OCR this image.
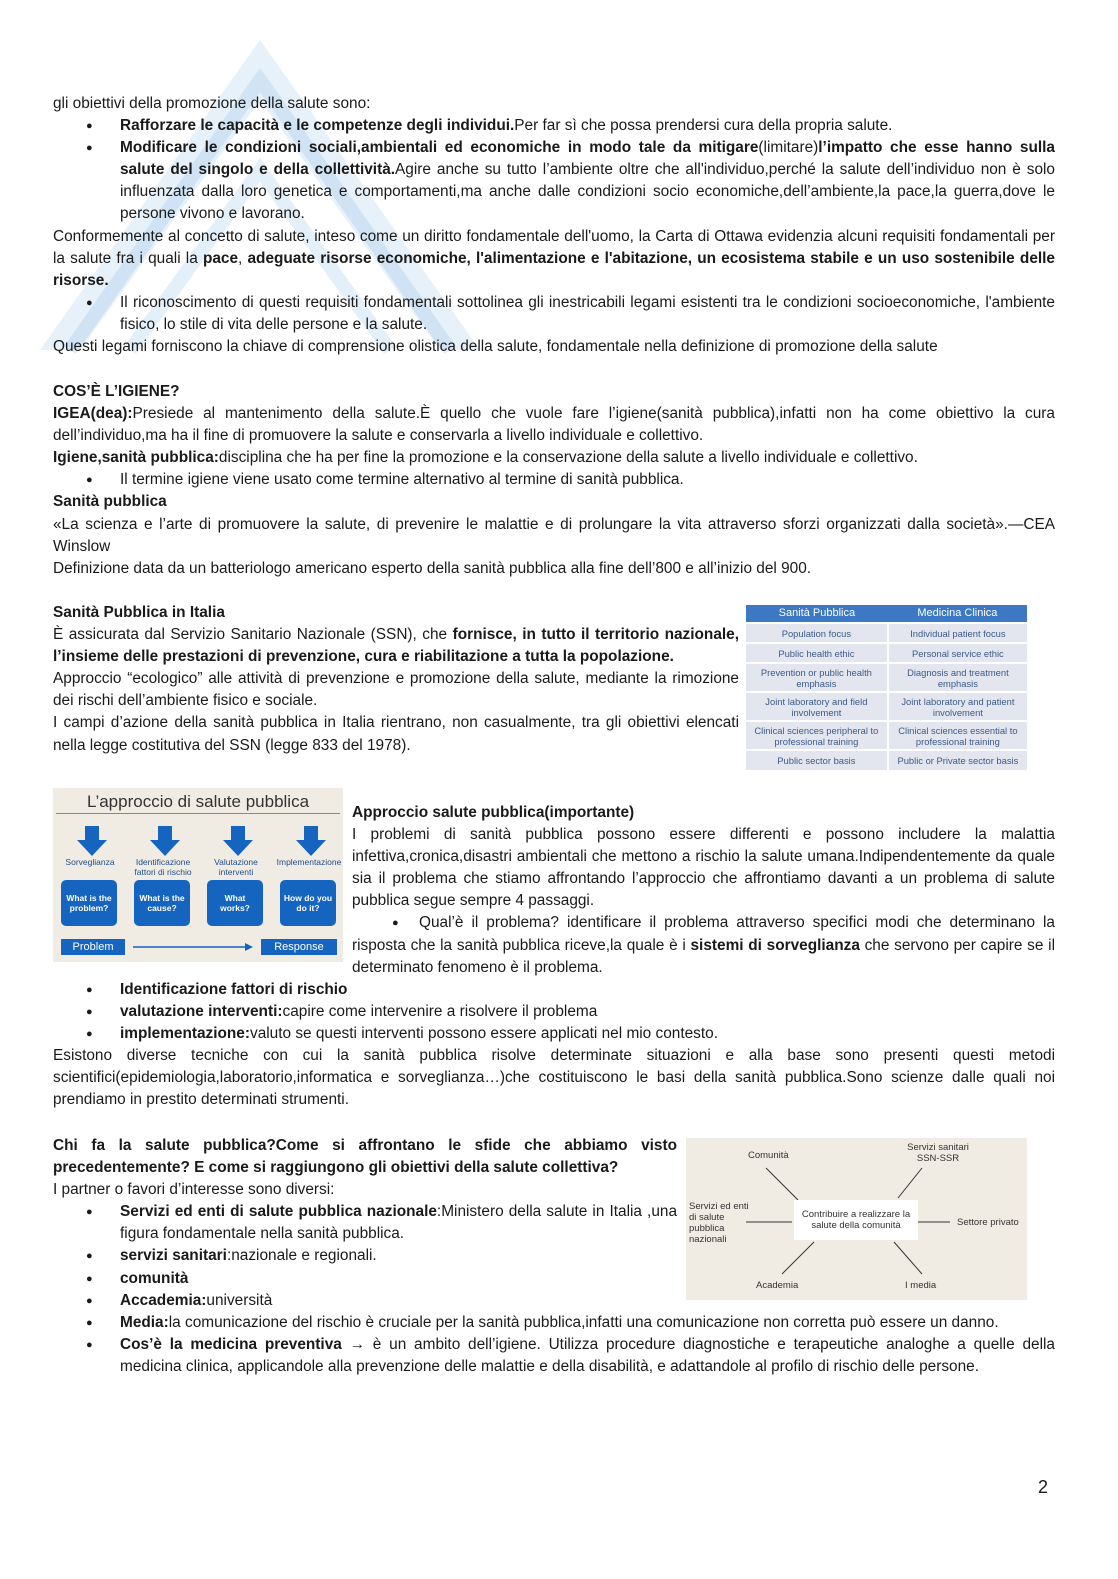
gli obiettivi della promozione della salute sono:

● Rafforzare le capacità e le competenze degli individui.Per far sì che possa prendersi cura della propria salute.
● Modificare le condizioni sociali,ambientali ed economiche in modo tale da mitigare(limitare)l’impatto che esse hanno sulla salute del singolo e della collettività.Agire anche su tutto l’ambiente oltre che all'individuo,perché la salute dell’individuo non è solo influenzata dalla loro genetica e comportamenti,ma anche dalle condizioni socio economiche,dell’ambiente,la pace,la guerra,dove le persone vivono e lavorano.

Conformemente al concetto di salute, inteso come un diritto fondamentale dell'uomo, la Carta di Ottawa evidenzia alcuni requisiti fondamentali per la salute fra i quali la pace, adeguate risorse economiche, l'alimentazione e l'abitazione, un ecosistema stabile e un uso sostenibile delle risorse.

● Il riconoscimento di questi requisiti fondamentali sottolinea gli inestricabili legami esistenti tra le condizioni socioeconomiche, l'ambiente fisico, lo stile di vita delle persone e la salute.

Questi legami forniscono la chiave di comprensione olistica della salute, fondamentale nella definizione di promozione della salute

COS’È L’IGIENE?

IGEA(dea):Presiede al mantenimento della salute.È quello che vuole fare l’igiene(sanità pubblica),infatti non ha come obiettivo la cura dell’individuo,ma ha il fine di promuovere la salute e conservarla a livello individuale e collettivo.

Igiene,sanità pubblica:disciplina che ha per fine la promozione e la conservazione della salute a livello individuale e collettivo.

● Il termine igiene viene usato come termine alternativo al termine di sanità pubblica.

Sanità pubblica

«La scienza e l’arte di promuovere la salute, di prevenire le malattie e di prolungare la vita attraverso sforzi organizzati dalla società».—CEA Winslow

Definizione data da un batteriologo americano esperto della sanità pubblica alla fine dell’800 e all’inizio del 900.

Sanità Pubblica in Italia

È assicurata dal Servizio Sanitario Nazionale (SSN), che fornisce, in tutto il territorio nazionale, l’insieme delle prestazioni di prevenzione, cura e riabilitazione a tutta la popolazione.

Approccio “ecologico” alle attività di prevenzione e promozione della salute, mediante la rimozione dei rischi dell’ambiente fisico e sociale.

I campi d’azione della sanità pubblica in Italia rientrano, non casualmente, tra gli obiettivi elencati nella legge costitutiva del SSN (legge 833 del 1978).

Sanità Pubblica	Medicina Clinica
Population focus	Individual patient focus
Public health ethic	Personal service ethic
Prevention or public health emphasis	Diagnosis and treatment emphasis
Joint laboratory and field involvement	Joint laboratory and patient involvement
Clinical sciences peripheral to professional training	Clinical sciences essential to professional training
Public sector basis	Public or Private sector basis
L’approccio di salute pubblica
Sorveglianza
What is the problem?
Identificazione fattori di rischio
What is the cause?
Valutazione interventi
What works?
Implementazione
How do you do it?
Problem	Response

Approccio salute pubblica(importante)

I problemi di sanità pubblica possono essere differenti e possono includere la malattia infettiva,cronica,disastri ambientali che mettono a rischio la salute umana.Indipendentemente da quale sia il problema che stiamo affrontando l’approccio che affrontiamo davanti a un problema di salute pubblica segue sempre 4 passaggi.

● Qual’è il problema? identificare il problema attraverso specifici modi che determinano la risposta che la sanità pubblica riceve,la quale è i sistemi di sorveglianza che servono per capire se il determinato fenomeno è il problema.

● Identificazione fattori di rischio
● valutazione interventi:capire come intervenire a risolvere il problema
● implementazione:valuto se questi interventi possono essere applicati nel mio contesto.

Esistono diverse tecniche con cui la sanità pubblica risolve determinate situazioni e alla base sono presenti questi metodi scientifici(epidemiologia,laboratorio,informatica e sorveglianza…)che costituiscono le basi della sanità pubblica.Sono scienze dalle quali noi prendiamo in prestito determinati strumenti.

Chi fa la salute pubblica?Come si affrontano le sfide che abbiamo visto precedentemente? E come si raggiungono gli obiettivi della salute collettiva?

I partner o favori d’interesse sono diversi:

● Servizi ed enti di salute pubblica nazionale:Ministero della salute in Italia ,una figura fondamentale nella sanità pubblica.
● servizi sanitari:nazionale e regionali.
● comunità
● Accademia:università
● Media:la comunicazione del rischio è cruciale per la sanità pubblica,infatti una comunicazione non corretta può essere un danno.
● Cos’è la medicina preventiva → è un ambito dell’igiene. Utilizza procedure diagnostiche e terapeutiche analoghe a quelle della medicina clinica, applicandole alla prevenzione delle malattie e della disabilità, e adattandole al profilo di rischio delle persone.
Contribuire a realizzare la salute della comunità
Comunità
Servizi sanitari SSN-SSR
Servizi ed enti di salute pubblica nazionali
Settore privato
Academia	I media
2
